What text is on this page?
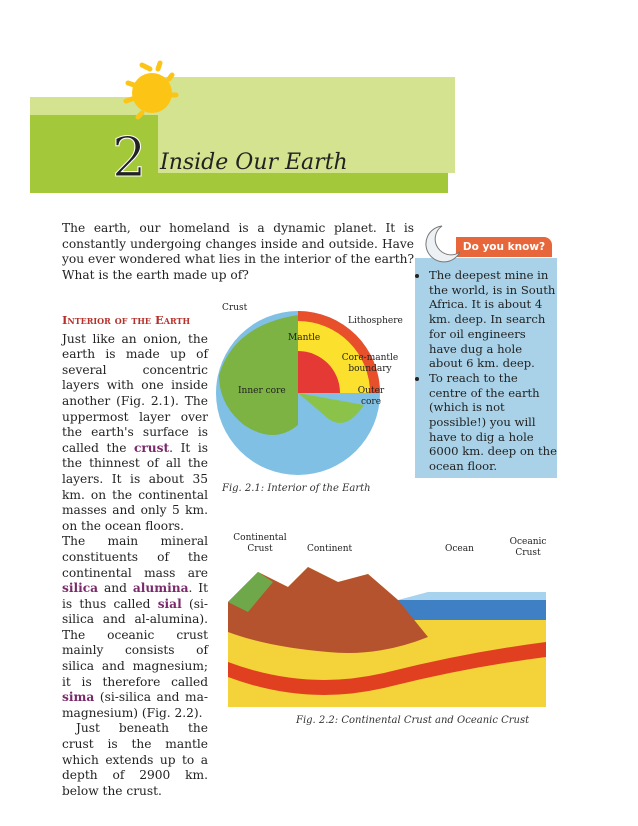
2 Inside Our Earth
The earth, our homeland is a dynamic planet. It is constantly undergoing changes inside and outside. Have you ever wondered what lies in the interior of the earth? What is the earth made up of?
Interior of the Earth

Just like an onion, the earth is made up of several concentric layers with one inside another (Fig. 2.1). The uppermost layer over the earth's surface is called the crust. It is the thinnest of all the layers. It is about 35 km. on the continental masses and only 5 km. on the ocean floors.

The main mineral constituents of the continental mass are silica and alumina. It is thus called sial (si-silica and al-alumina). The oceanic crust mainly consists of silica and magnesium; it is therefore called sima (si-silica and ma-magnesium) (Fig. 2.2).

Just beneath the crust is the mantle which extends up to a depth of 2900 km. below the crust.

• The deepest mine in the world, is in South Africa. It is about 4 km. deep. In search for oil engineers have dug a hole about 6 km. deep.
• To reach to the centre of the earth (which is not possible!) you will have to dig a hole 6000 km. deep on the ocean floor.
Do you know?
Crust
Lithosphere
Mantle
Core-mantle boundary
Inner core	Outer core
Fig. 2.1: Interior of the Earth
Continental Crust	Continent	Ocean
Oceanic Crust
Fig. 2.2: Continental Crust and Oceanic Crust
